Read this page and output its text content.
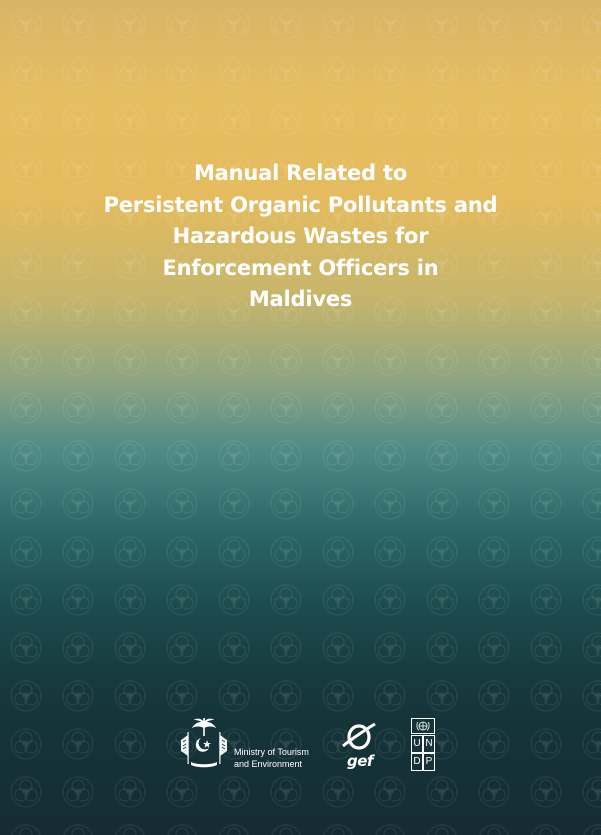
Manual Related to
Persistent Organic Pollutants and
Hazardous Wastes for
Enforcement Officers in
Maldives
Ministry of Tourism
and Environment	gef
U N
D P
